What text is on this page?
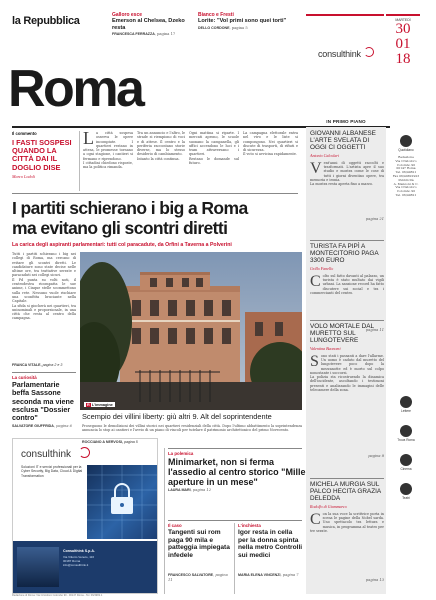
la Repubblica	Galloro esce
Emerson al Chelsea, Dzeko resta
FRANCESCA FERRAZZA, pagina 17
Bianco e Fresti
Lorite: "Vol primi sono quei torti"
DELLO CORDONE, pagina 5
consulthink
MARTEDÌ
30
01
18
Roma
IN PRIMO PIANO
Il commento
I FASTI SOSPESI QUANDO LA CITTÀ DAI IL DOGLIO DISE
Marco Lodoli
L a città sospesa osserva le opere incompiute. I quartieri restano in attesa, le promesse tornano a ogni stagione, i cantieri si fermano e riprendono.
I cittadini chiedono risposte, ma la politica rimanda.
Tra un annuncio e l'altro, le strade si riempiono di voci e di attese. Il centro e la periferia raccontano storie diverse, ma lo stesso desiderio di cambiamento.
Intanto la città continua.
Ogni mattina si riparte. I mercati aprono, le scuole suonano la campanella, gli uffici accendono le luci e i tram attraversano i quartieri.
Restano le domande sul futuro.
La campagna elettorale entra nel vivo e le liste si compongono. Nei quartieri si discute di trasporti, di rifiuti e di sicurezza.
Il voto si avvicina rapidamente.
I partiti schierano i big a Roma
ma evitano gli scontri diretti
La carica degli aspiranti parlamentari: tutti col paracadute, da Orfini a Taverna a Polverini
Tutti i partiti schierano i big nei collegi di Roma, ma cercano di evitare gli scontri diretti. Le candidature sono state decise nelle ultime ore, tra trattative serrate e paracaduti nei collegi sicuri.
Il Pd punta su volti noti, il centrodestra ricompatta le sue anime, i Cinque stelle scommettono sulla rete. Nessuno vuole rischiare una sconfitta bruciante nella Capitale.
La sfida si giocherà nei quartieri, tra uninominali e proporzionale, in una città che resta al centro della campagna.
FRANCA VITALE, pagina 2 e 3
R L'immagine
Scempio dei villini liberty: giù altri 9. Alt del soprintendente
Proseguono le demolizioni dei villini storici nei quartieri residenziali della città. Dopo l'ultimo abbattimento la soprintendenza annuncia lo stop ai cantieri e l'avvio di un piano di vincoli per tutelare il patrimonio architettonico del primo Novecento.
ROCCIANO A NERVOSI, pagina 5
La curiosità
Parlamentarie beffa Sassone seconda ma viene esclusa "Dossier contro"
SALVATORE GIUFFRIDA, pagina 6
consulthink
Soluzioni IT e servizi professionali per la Cyber Security, Big Data, Cloud & Digital Transformation
Consulthink S.p.A.
Via Vittorio Veneto, 116
00187 Roma
info@consulthink.it
La polemica
Minimarket, non si ferma l'assedio al centro storico "Mille aperture in un mese"
LAURA MARI, pagina 12
Il caso
Tangenti sui rom paga 90 mila e patteggia impiegata infedele
FRANCESCO SALVATORE, pagina 11
L'inchiesta
Igor resta in cella per la donna spinta nella metro Controlli sui medici
MARIA ELENA VINCENZI, pagina 7
GIOVANNI ALBANESE L'ARTE SVELATA DI OGGI CI OGGETTI
Antonio Calcolari
V ent'anni di oggetti raccolti e trasformati. L'artista apre il suo studio e mostra come le cose di tutti i giorni diventino opere, tra memoria e ironia.
La mostra resta aperta fino a marzo.
pagina 21
TURISTA FA PIPÌ A MONTECITORIO PAGA 3300 EURO
Grillo Fanello
C olto sul fatto davanti al palazzo, un turista è stato multato dai vigili urbani. La sanzione record ha fatto discutere sui social e tra i commercianti del centro.
pagina 11
VOLO MORTALE DAL MURETTO SUL LUNGOTEVERE
Valentina Buonomi
S ono stati i passanti a dare l'allarme. Un uomo è caduto dal muretto del lungotevere poco dopo la mezzanotte ed è morto sul colpo nonostante i soccorsi.
La polizia sta ricostruendo la dinamica dell'incidente, ascoltando i testimoni presenti e analizzando le immagini delle telecamere della zona.
pagina 8
MICHELA MURGIA SUL PALCO HECITA GRAZIA DELEDDA
Rodolfo di Giammarco
C on la sua voce la scrittrice porta in scena le pagine della Nobel sarda. Uno spettacolo tra lettura e musica, in programma al teatro per tre serate.
pagina 13
Quotidiano
Redazione
Via Cristoforo
Colombo 90
00147 Roma
Tel. 06/49821
Fax 06/49822923
Pubblicità
A. Manzoni & C.
Via Cristoforo
Colombo 90
Tel. 06/49821
Lettere
Trova Roma
Cinema
Teatri
Redazione di Roma: Via Cristoforo Colombo 90 - 00147 Roma - Tel. 06/4982.1
